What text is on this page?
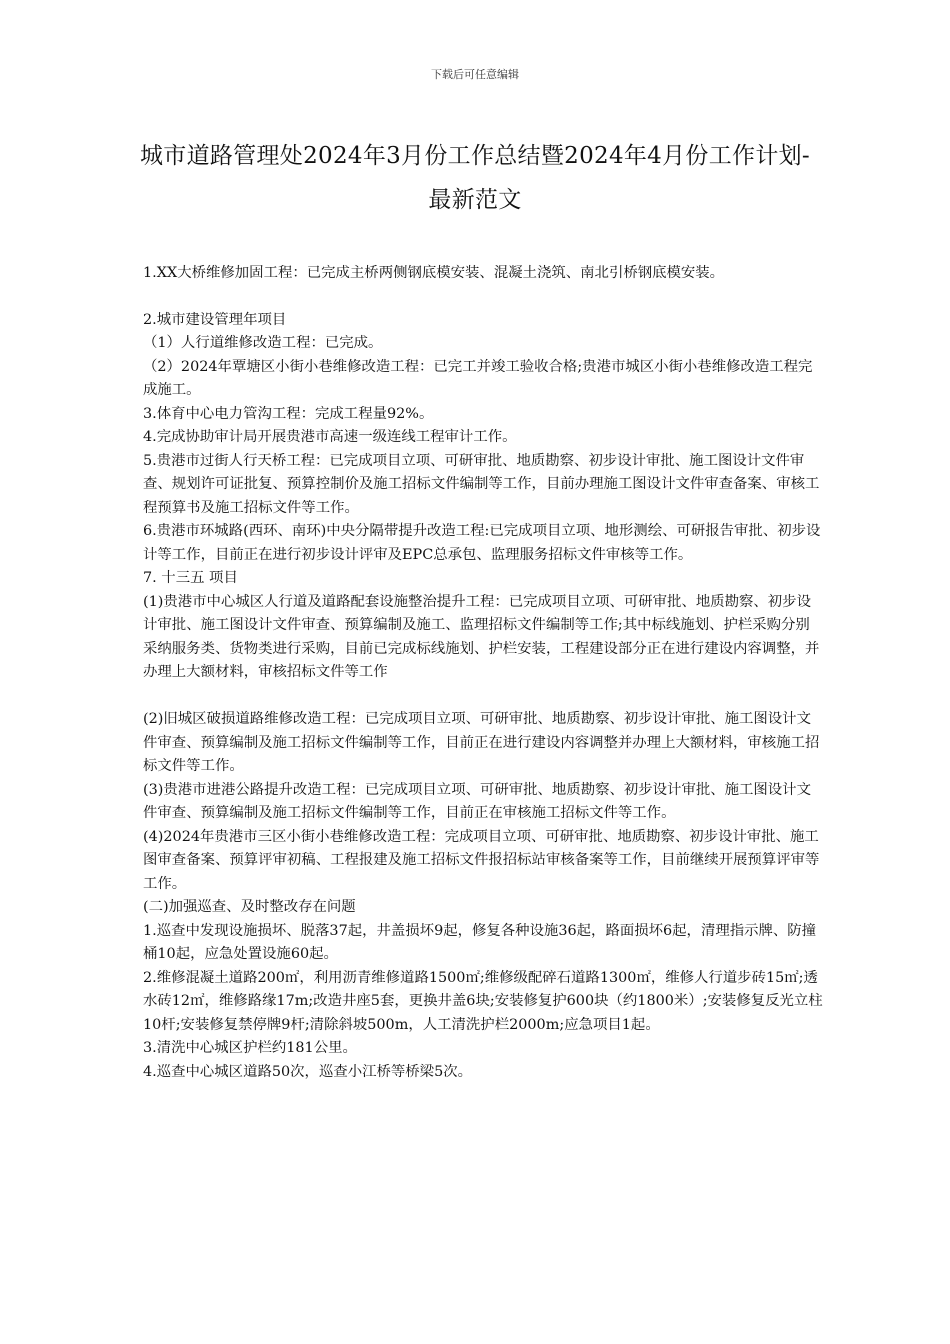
下载后可任意编辑
城市道路管理处2024年3月份工作总结暨2024年4月份工作计划-最新范文

1.XX大桥维修加固工程：已完成主桥两侧钢底模安装、混凝土浇筑、南北引桥钢底模安装。

2.城市建设管理年项目

（1）人行道维修改造工程：已完成。

（2）2024年覃塘区小街小巷维修改造工程：已完工并竣工验收合格;贵港市城区小街小巷维修改造工程完成施工。

3.体育中心电力管沟工程：完成工程量92%。

4.完成协助审计局开展贵港市高速一级连线工程审计工作。

5.贵港市过街人行天桥工程：已完成项目立项、可研审批、地质勘察、初步设计审批、施工图设计文件审查、规划许可证批复、预算控制价及施工招标文件编制等工作，目前办理施工图设计文件审查备案、审核工程预算书及施工招标文件等工作。

6.贵港市环城路(西环、南环)中央分隔带提升改造工程:已完成项目立项、地形测绘、可研报告审批、初步设计等工作，目前正在进行初步设计评审及EPC总承包、监理服务招标文件审核等工作。

7. 十三五 项目

(1)贵港市中心城区人行道及道路配套设施整治提升工程：已完成项目立项、可研审批、地质勘察、初步设计审批、施工图设计文件审查、预算编制及施工、监理招标文件编制等工作;其中标线施划、护栏采购分别采纳服务类、货物类进行采购，目前已完成标线施划、护栏安装，工程建设部分正在进行建设内容调整，并办理上大额材料，审核招标文件等工作

(2)旧城区破损道路维修改造工程：已完成项目立项、可研审批、地质勘察、初步设计审批、施工图设计文件审查、预算编制及施工招标文件编制等工作，目前正在进行建设内容调整并办理上大额材料，审核施工招标文件等工作。

(3)贵港市进港公路提升改造工程：已完成项目立项、可研审批、地质勘察、初步设计审批、施工图设计文件审查、预算编制及施工招标文件编制等工作，目前正在审核施工招标文件等工作。

(4)2024年贵港市三区小街小巷维修改造工程：完成项目立项、可研审批、地质勘察、初步设计审批、施工图审查备案、预算评审初稿、工程报建及施工招标文件报招标站审核备案等工作，目前继续开展预算评审等工作。

(二)加强巡查、及时整改存在问题

1.巡查中发现设施损坏、脱落37起，井盖损坏9起，修复各种设施36起，路面损坏6起，清理指示牌、防撞桶10起，应急处置设施60起。

2.维修混凝土道路200㎡，利用沥青维修道路1500㎡;维修级配碎石道路1300㎡，维修人行道步砖15㎡;透水砖12㎡，维修路缘17m;改造井座5套，更换井盖6块;安装修复护600块（约1800米）;安装修复反光立柱10杆;安装修复禁停牌9杆;清除斜坡500m，人工清洗护栏2000m;应急项目1起。

3.清洗中心城区护栏约181公里。

4.巡查中心城区道路50次，巡查小江桥等桥梁5次。
